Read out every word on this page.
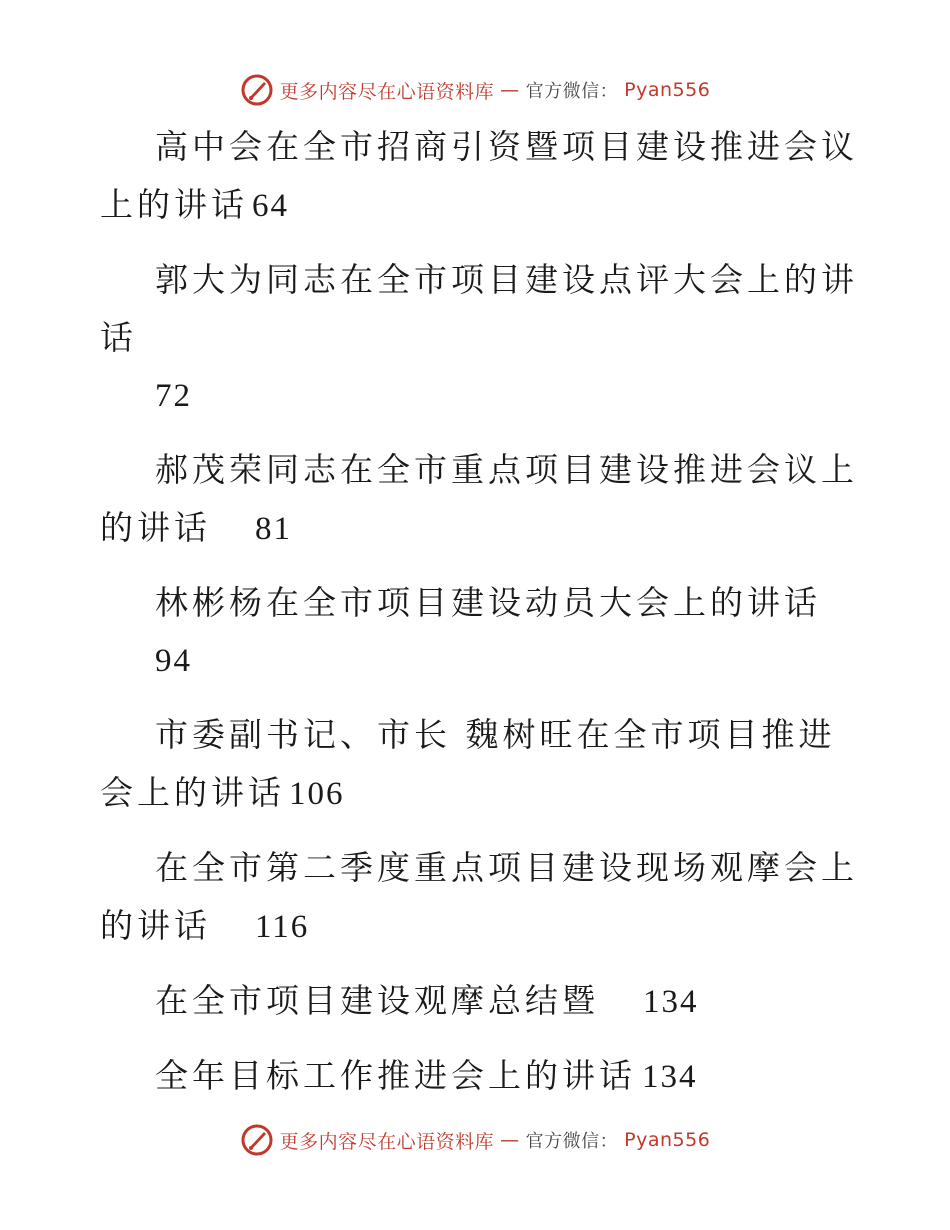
更多内容尽在心语资料库 — 官方微信： Pyan556

高中会在全市招商引资暨项目建设推进会议上的讲话 64

郭大为同志在全市项目建设点评大会上的讲话
72

郝茂荣同志在全市重点项目建设推进会议上的讲话 81

林彬杨在全市项目建设动员大会上的讲话
94

市委副书记、市长 魏树旺在全市项目推进会上的讲话 106

在全市第二季度重点项目建设现场观摩会上的讲话 116

在全市项目建设观摩总结暨 134

全年目标工作推进会上的讲话 134

更多内容尽在心语资料库 — 官方微信： Pyan556
